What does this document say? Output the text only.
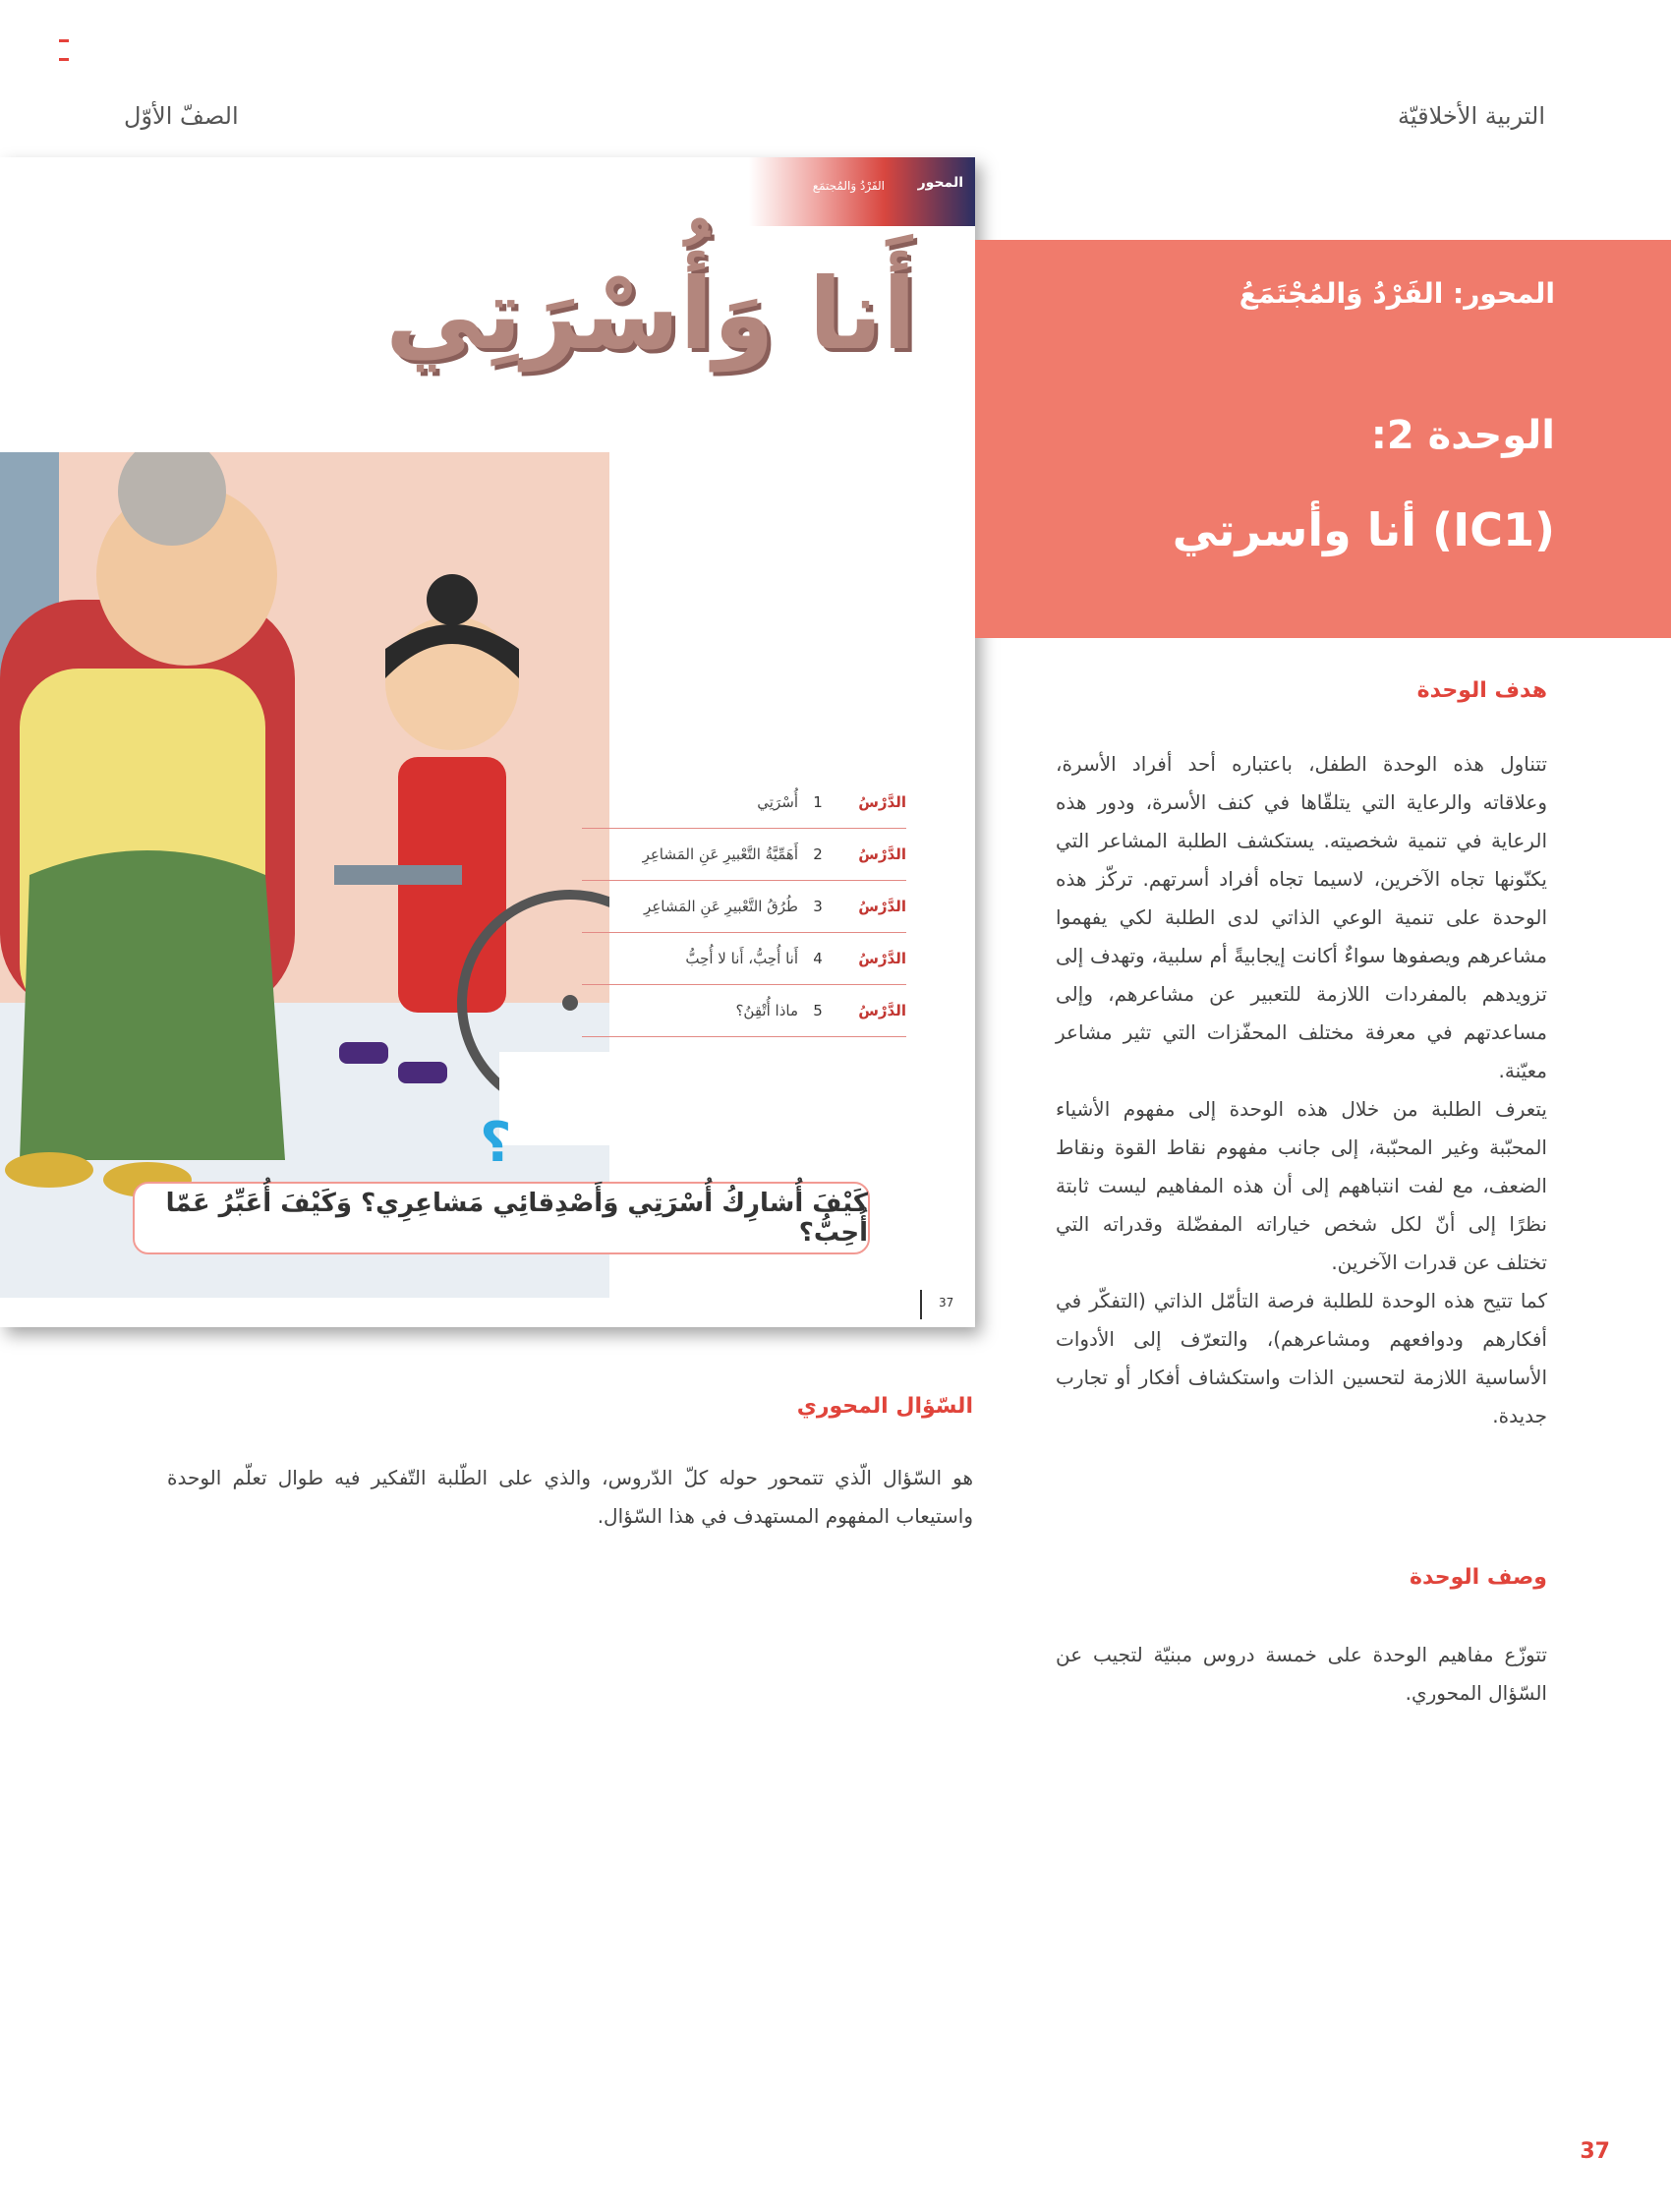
التربية الأخلاقيّة
الصفّ الأوّل
المحور
الفَرْدُ وَالمُجتمَع
أَنا وَأُسْرَتِي
الدَّرْسُ
1
أُسْرَتِي
الدَّرْسُ
2
أَهَمِّيَّةُ التَّعْبيرِ عَنِ المَشاعِرِ
الدَّرْسُ
3
طُرُقُ التَّعْبيرِ عَنِ المَشاعِرِ
الدَّرْسُ
4
أَنا أُحِبُّ، أَنا لا أُحِبُّ
الدَّرْسُ
5
ماذا أُتْقِنُ؟
؟
كَيْفَ أُشارِكُ أُسْرَتِي وَأَصْدِقائِي مَشاعِرِي؟ وَكَيْفَ أُعَبِّرُ عَمّا أُحِبُّ؟
37
المحور: الفَرْدُ وَالمُجْتَمَعُ
الوحدة 2:
(IC1) أنا وأسرتي
هدف الوحدة
تتناول هذه الوحدة الطفل، باعتباره أحد أفراد الأسرة، وعلاقاته والرعاية التي يتلقّاها في كنف الأسرة، ودور هذه الرعاية في تنمية شخصيته. يستكشف الطلبة المشاعر التي يكنّونها تجاه الآخرين، لاسيما تجاه أفراد أسرتهم. تركّز هذه الوحدة على تنمية الوعي الذاتي لدى الطلبة لكي يفهموا مشاعرهم ويصفوها سواءٌ أكانت إيجابيةً أم سلبية، وتهدف إلى تزويدهم بالمفردات اللازمة للتعبير عن مشاعرهم، وإلى مساعدتهم في معرفة مختلف المحفّزات التي تثير مشاعر معيّنة.
يتعرف الطلبة من خلال هذه الوحدة إلى مفهوم الأشياء المحبّبة وغير المحبّبة، إلى جانب مفهوم نقاط القوة ونقاط الضعف، مع لفت انتباههم إلى أن هذه المفاهيم ليست ثابتة نظرًا إلى أنّ لكل شخص خياراته المفضّلة وقدراته التي تختلف عن قدرات الآخرين.
كما تتيح هذه الوحدة للطلبة فرصة التأمّل الذاتي (التفكّر في أفكارهم ودوافعهم ومشاعرهم)، والتعرّف إلى الأدوات الأساسية اللازمة لتحسين الذات واستكشاف أفكار أو تجارب جديدة.
السّؤال المحوري
هو السّؤال الّذي تتمحور حوله كلّ الدّروس، والذي على الطّلبة التّفكير فيه طوال تعلّم الوحدة واستيعاب المفهوم المستهدف في هذا السّؤال.
وصف الوحدة
تتوزّع مفاهيم الوحدة على خمسة دروس مبنيّة لتجيب عن السّؤال المحوري.
37
